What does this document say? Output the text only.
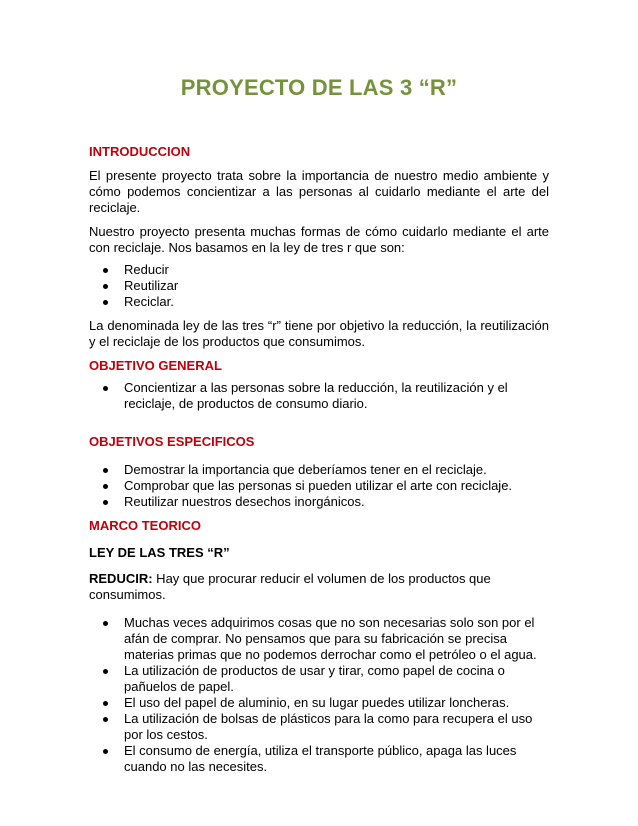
PROYECTO DE LAS 3 “R”
INTRODUCCION

El presente proyecto trata sobre la importancia de nuestro medio ambiente y cómo podemos concientizar a las personas al cuidarlo mediante el arte del reciclaje.

Nuestro proyecto presenta muchas formas de cómo cuidarlo mediante el arte con reciclaje. Nos basamos en la ley de tres r que son:

Reducir
Reutilizar
Reciclar.

La denominada ley de las tres “r” tiene por objetivo la reducción, la reutilización y el reciclaje de los productos que consumimos.

OBJETIVO GENERAL
Concientizar a las personas sobre la reducción, la reutilización y el reciclaje, de productos de consumo diario.
OBJETIVOS ESPECIFICOS
Demostrar la importancia que deberíamos tener en el reciclaje.
Comprobar que las personas si pueden utilizar el arte con reciclaje.
Reutilizar nuestros desechos inorgánicos.
MARCO TEORICO
LEY DE LAS TRES “R”

REDUCIR: Hay que procurar reducir el volumen de los productos que consumimos.

Muchas veces adquirimos cosas que no son necesarias solo son por el afán de comprar. No pensamos que para su fabricación se precisa materias primas que no podemos derrochar como el petróleo o el agua.
La utilización de productos de usar y tirar, como papel de cocina o pañuelos de papel.
El uso del papel de aluminio, en su lugar puedes utilizar loncheras.
La utilización de bolsas de plásticos para la como para recupera el uso por los cestos.
El consumo de energía, utiliza el transporte público, apaga las luces cuando no las necesites.
